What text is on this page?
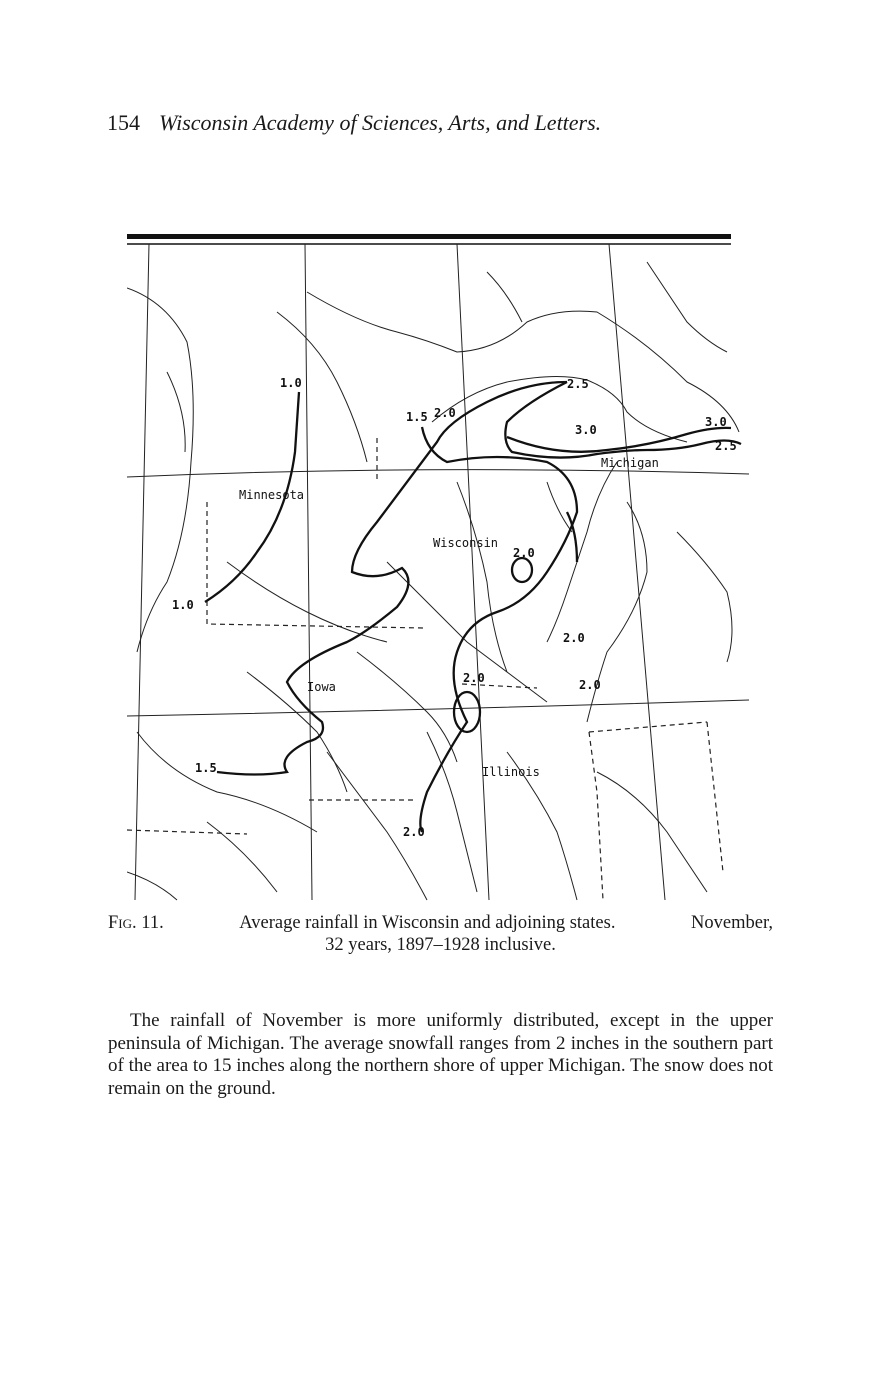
154 Wisconsin Academy of Sciences, Arts, and Letters.
Minnesota
Wisconsin
Michigan
Iowa
Illinois
1.0
1.0
1.5 2.0
2.5
3.0
3.0
2.5
2.0
2.0
2.0
2.0
1.5
2.0
Fig. 11.	Average rainfall in Wisconsin and adjoining states.	November,
32 years, 1897–1928 inclusive.

The rainfall of November is more uniformly distributed, except in the upper peninsula of Michigan. The average snowfall ranges from 2 inches in the southern part of the area to 15 inches along the northern shore of upper Michigan. The snow does not remain on the ground.
